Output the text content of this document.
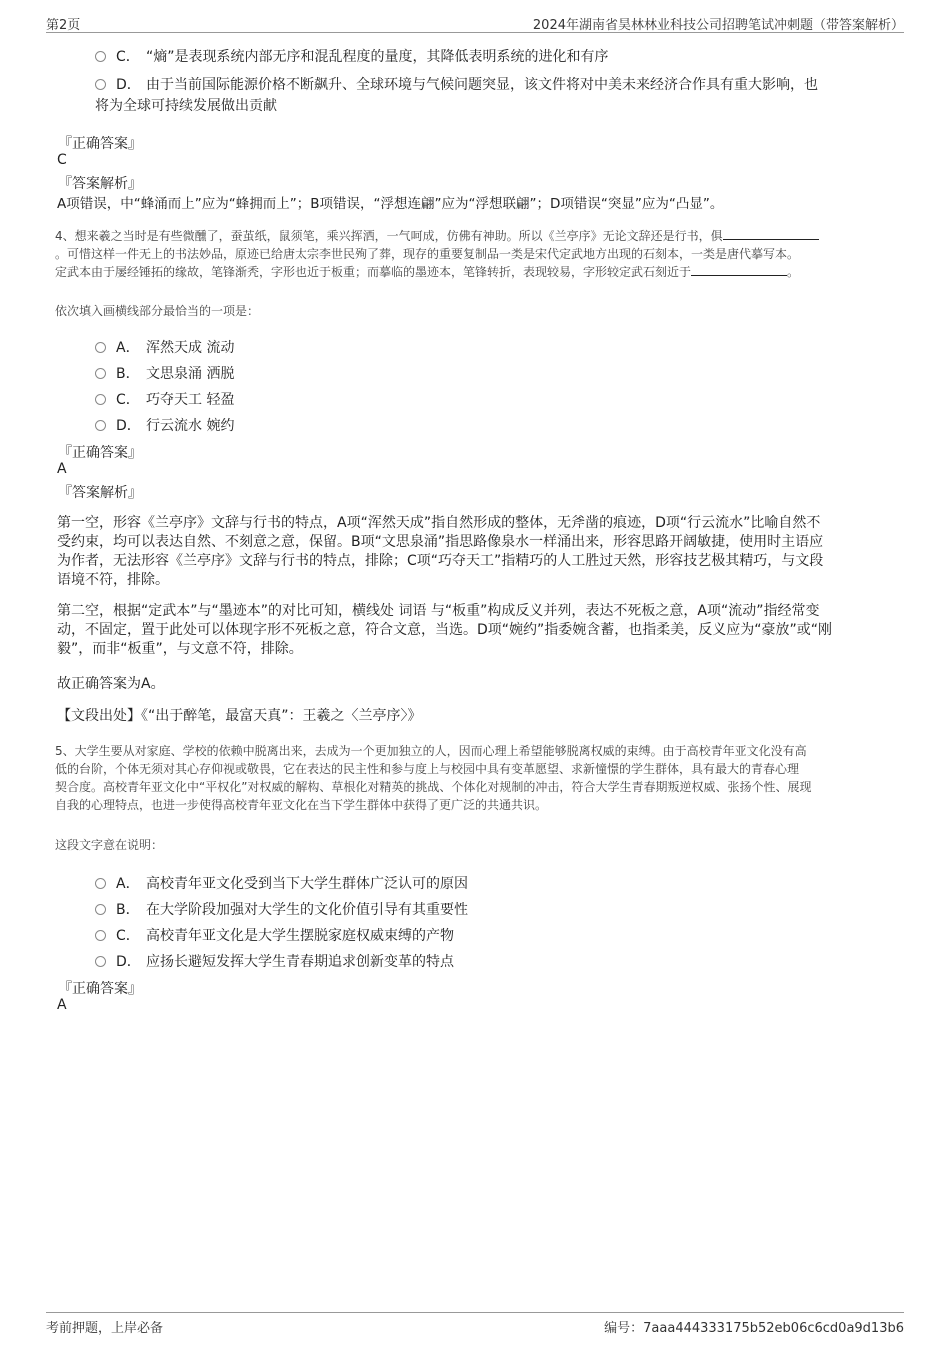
第2页	2024年湖南省昊林林业科技公司招聘笔试冲刺题（带答案解析）
C． “熵”是表现系统内部无序和混乱程度的量度，其降低表明系统的进化和有序
D． 由于当前国际能源价格不断飙升、全球环境与气候问题突显，该文件将对中美未来经济合作具有重大影响，也
将为全球可持续发展做出贡献
『正确答案』
C
『答案解析』
A项错误，中“蜂涌而上”应为“蜂拥而上”；B项错误，“浮想连翩”应为“浮想联翩”；D项错误“突显”应为“凸显”。
4、想来羲之当时是有些微醺了，蚕茧纸，鼠须笔，乘兴挥洒，一气呵成，仿佛有神助。所以《兰亭序》无论文辞还是行书，俱
。可惜这样一件无上的书法妙品，原迹已给唐太宗李世民殉了葬，现存的重要复制品一类是宋代定武地方出现的石刻本，一类是唐代摹写本。
定武本由于屡经锤拓的缘故，笔锋渐秃，字形也近于板重；而摹临的墨迹本，笔锋转折，表现较易，字形较定武石刻近于	。
依次填入画横线部分最恰当的一项是：
A． 浑然天成 流动
B． 文思泉涌 洒脱
C． 巧夺天工 轻盈
D． 行云流水 婉约
『正确答案』
A
『答案解析』
第一空，形容《兰亭序》文辞与行书的特点，A项“浑然天成”指自然形成的整体，无斧凿的痕迹，D项“行云流水”比喻自然不
受约束，均可以表达自然、不刻意之意，保留。B项“文思泉涌”指思路像泉水一样涌出来，形容思路开阔敏捷，使用时主语应
为作者，无法形容《兰亭序》文辞与行书的特点，排除；C项“巧夺天工”指精巧的人工胜过天然，形容技艺极其精巧，与文段
语境不符，排除。
第二空，根据“定武本”与“墨迹本”的对比可知，横线处 词语 与“板重”构成反义并列，表达不死板之意，A项“流动”指经常变
动，不固定，置于此处可以体现字形不死板之意，符合文意，当选。D项“婉约”指委婉含蓄，也指柔美，反义应为“豪放”或“刚
毅”，而非“板重”，与文意不符，排除。
故正确答案为A。
【文段出处】《“出于醉笔，最富天真”：王羲之〈兰亭序〉》
5、大学生要从对家庭、学校的依赖中脱离出来，去成为一个更加独立的人，因而心理上希望能够脱离权威的束缚。由于高校青年亚文化没有高
低的台阶，个体无须对其心存仰视或敬畏，它在表达的民主性和参与度上与校园中具有变革愿望、求新憧憬的学生群体，具有最大的青春心理
契合度。高校青年亚文化中“平权化”对权威的解构、草根化对精英的挑战、个体化对规制的冲击，符合大学生青春期叛逆权威、张扬个性、展现
自我的心理特点，也进一步使得高校青年亚文化在当下学生群体中获得了更广泛的共通共识。
这段文字意在说明：
A． 高校青年亚文化受到当下大学生群体广泛认可的原因
B． 在大学阶段加强对大学生的文化价值引导有其重要性
C． 高校青年亚文化是大学生摆脱家庭权威束缚的产物
D． 应扬长避短发挥大学生青春期追求创新变革的特点
『正确答案』
A
考前押题，上岸必备	编号：7aaa444333175b52eb06c6cd0a9d13b6
